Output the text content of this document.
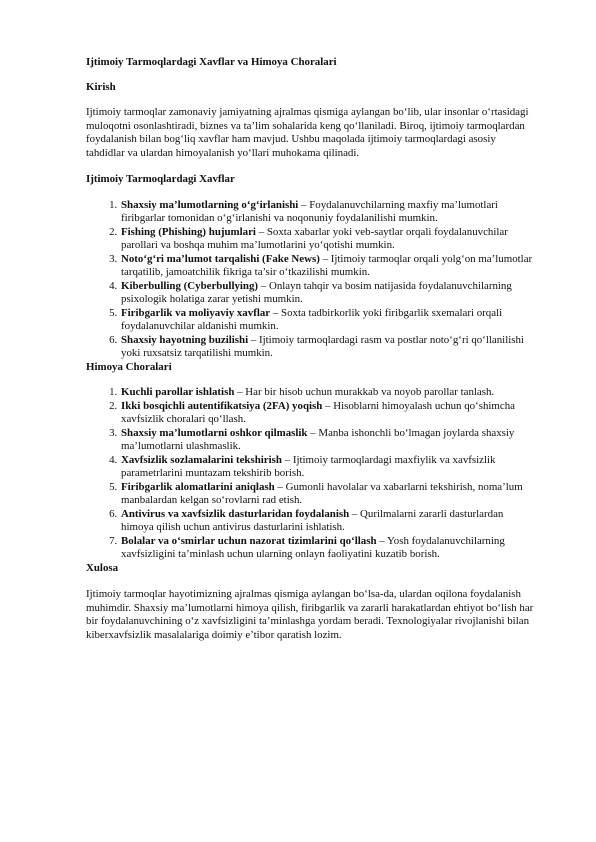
Ijtimoiy Tarmoqlardagi Xavflar va Himoya Choralari

Kirish

Ijtimoiy tarmoqlar zamonaviy jamiyatning ajralmas qismiga aylangan bo‘lib, ular insonlar o‘rtasidagi muloqotni osonlashtiradi, biznes va ta’lim sohalarida keng qo‘llaniladi. Biroq, ijtimoiy tarmoqlardan foydalanish bilan bog‘liq xavflar ham mavjud. Ushbu maqolada ijtimoiy tarmoqlardagi asosiy tahdidlar va ulardan himoyalanish yo‘llari muhokama qilinadi.

Ijtimoiy Tarmoqlardagi Xavflar

1. Shaxsiy ma’lumotlarning o‘g‘irlanishi – Foydalanuvchilarning maxfiy ma’lumotlari firibgarlar tomonidan o‘g‘irlanishi va noqonuniy foydalanilishi mumkin.
2. Fishing (Phishing) hujumlari – Soxta xabarlar yoki veb-saytlar orqali foydalanuvchilar parollari va boshqa muhim ma’lumotlarini yo‘qotishi mumkin.
3. Noto‘g‘ri ma’lumot tarqalishi (Fake News) – Ijtimoiy tarmoqlar orqali yolg‘on ma’lumotlar tarqatilib, jamoatchilik fikriga ta’sir o‘tkazilishi mumkin.
4. Kiberbulling (Cyberbullying) – Onlayn tahqir va bosim natijasida foydalanuvchilarning psixologik holatiga zarar yetishi mumkin.
5. Firibgarlik va moliyaviy xavflar – Soxta tadbirkorlik yoki firibgarlik sxemalari orqali foydalanuvchilar aldanishi mumkin.
6. Shaxsiy hayotning buzilishi – Ijtimoiy tarmoqlardagi rasm va postlar noto‘g‘ri qo‘llanilishi yoki ruxsatsiz tarqatilishi mumkin.

Himoya Choralari

1. Kuchli parollar ishlatish – Har bir hisob uchun murakkab va noyob parollar tanlash.
2. Ikki bosqichli autentifikatsiya (2FA) yoqish – Hisoblarni himoyalash uchun qo‘shimcha xavfsizlik choralari qo‘llash.
3. Shaxsiy ma’lumotlarni oshkor qilmaslik – Manba ishonchli bo‘lmagan joylarda shaxsiy ma’lumotlarni ulashmaslik.
4. Xavfsizlik sozlamalarini tekshirish – Ijtimoiy tarmoqlardagi maxfiylik va xavfsizlik parametrlarini muntazam tekshirib borish.
5. Firibgarlik alomatlarini aniqlash – Gumonli havolalar va xabarlarni tekshirish, noma’lum manbalardan kelgan so‘rovlarni rad etish.
6. Antivirus va xavfsizlik dasturlaridan foydalanish – Qurilmalarni zararli dasturlardan himoya qilish uchun antivirus dasturlarini ishlatish.
7. Bolalar va o‘smirlar uchun nazorat tizimlarini qo‘llash – Yosh foydalanuvchilarning xavfsizligini ta’minlash uchun ularning onlayn faoliyatini kuzatib borish.

Xulosa

Ijtimoiy tarmoqlar hayotimizning ajralmas qismiga aylangan bo‘lsa-da, ulardan oqilona foydalanish muhimdir. Shaxsiy ma’lumotlarni himoya qilish, firibgarlik va zararli harakatlardan ehtiyot bo‘lish har bir foydalanuvchining o‘z xavfsizligini ta’minlashga yordam beradi. Texnologiyalar rivojlanishi bilan kiberxavfsizlik masalalariga doimiy e’tibor qaratish lozim.
